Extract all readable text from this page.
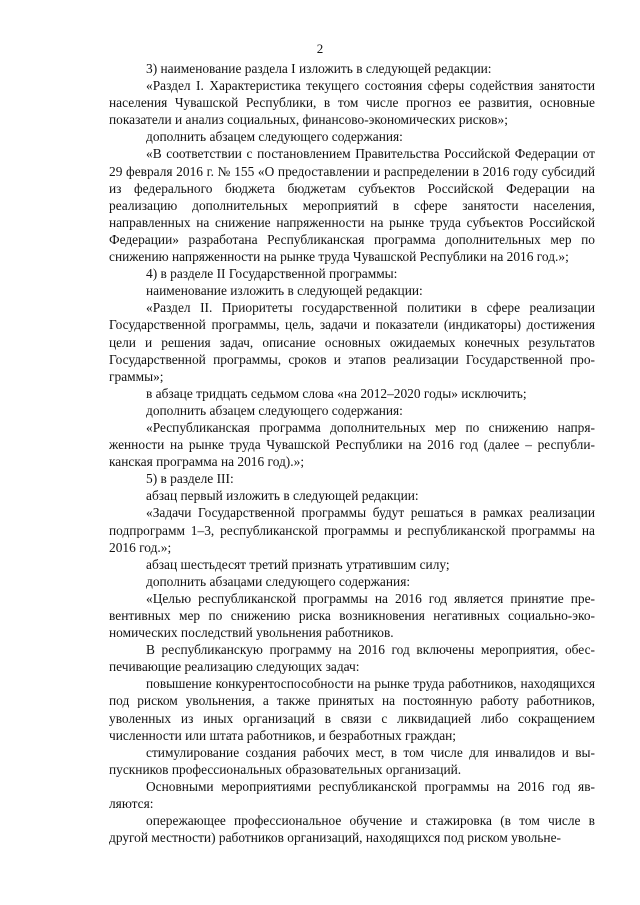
2

3) наименование раздела I изложить в следующей редакции:

«Раздел I. Характеристика текущего состояния сферы содействия занятости населения Чувашской Республики, в том числе прогноз ее развития, основные показатели и анализ социальных, финансово-экономических рисков»;

дополнить абзацем следующего содержания:

«В соответствии с постановлением Правительства Российской Федерации от 29 февраля 2016 г. № 155 «О предоставлении и распределении в 2016 году субсидий из федерального бюджета бюджетам субъектов Российской Федерации на реализацию дополнительных мероприятий в сфере занятости населения, направленных на снижение напряженности на рынке труда субъектов Российской Федерации» разработана Республиканская программа дополнительных мер по снижению напряженности на рынке труда Чувашской Республики на 2016 год.»;

4) в разделе II Государственной программы:

наименование изложить в следующей редакции:

«Раздел II. Приоритеты государственной политики в сфере реализации Государственной программы, цель, задачи и показатели (индикаторы) достижения цели и решения задач, описание основных ожидаемых конечных результатов Государственной программы, сроков и этапов реализации Государственной программы»;

в абзаце тридцать седьмом слова «на 2012–2020 годы» исключить;

дополнить абзацем следующего содержания:

«Республиканская программа дополнительных мер по снижению напряженности на рынке труда Чувашской Республики на 2016 год (далее – республиканская программа на 2016 год).»;

5) в разделе III:

абзац первый изложить в следующей редакции:

«Задачи Государственной программы будут решаться в рамках реализации подпрограмм 1–3, республиканской программы и республиканской программы на 2016 год.»;

абзац шестьдесят третий признать утратившим силу;

дополнить абзацами следующего содержания:

«Целью республиканской программы на 2016 год является принятие превентивных мер по снижению риска возникновения негативных социально-экономических последствий увольнения работников.

В республиканскую программу на 2016 год включены мероприятия, обеспечивающие реализацию следующих задач:

повышение конкурентоспособности на рынке труда работников, находящихся под риском увольнения, а также принятых на постоянную работу работников, уволенных из иных организаций в связи с ликвидацией либо сокращением численности или штата работников, и безработных граждан;

стимулирование создания рабочих мест, в том числе для инвалидов и выпускников профессиональных образовательных организаций.

Основными мероприятиями республиканской программы на 2016 год являются:

опережающее профессиональное обучение и стажировка (в том числе в другой местности) работников организаций, находящихся под риском увольне-
